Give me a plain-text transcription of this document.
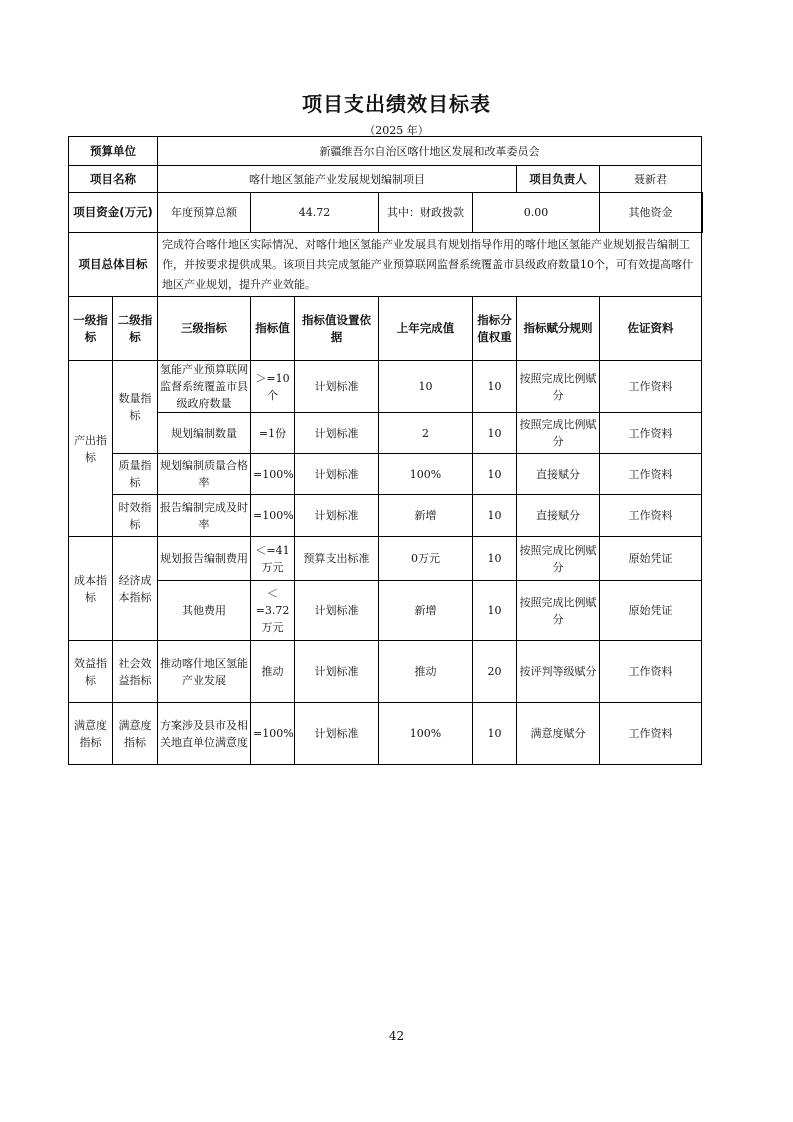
项目支出绩效目标表
（2025 年）
预算单位		新疆维吾尔自治区喀什地区发展和改革委员会							
项目名称		喀什地区氢能产业发展规划编制项目					项目负责人	聂新君	
项目资金(万元)		年度预算总额	44.72		其中：财政拨款	0.00		其他资金	
项目总体目标		完成符合喀什地区实际情况、对喀什地区氢能产业发展具有规划指导作用的喀什地区氢能产业规划报告编制工作，并按要求提供成果。该项目共完成氢能产业预算联网监督系统覆盖市县级政府数量10个，可有效提高喀什地区产业规划，提升产业效能。							
一级指标	二级指标	三级指标	指标值	指标值设置依据	上年完成值	指标分值权重	指标赋分规则	佐证资料	
产出指标	数量指标	氢能产业预算联网监督系统覆盖市县级政府数量	＞=10个	计划标准	10	10	按照完成比例赋分	工作资料	
		规划编制数量	=1份	计划标准	2	10	按照完成比例赋分	工作资料	
	质量指标	规划编制质量合格率	=100%	计划标准	100%	10	直接赋分	工作资料	
	时效指标	报告编制完成及时率	=100%	计划标准	新增	10	直接赋分	工作资料	
成本指标	经济成本指标	规划报告编制费用	＜=41万元	预算支出标准	0万元	10	按照完成比例赋分	原始凭证	
		其他费用	＜=3.72万元	计划标准	新增	10	按照完成比例赋分	原始凭证	
效益指标	社会效益指标	推动喀什地区氢能产业发展	推动	计划标准	推动	20	按评判等级赋分	工作资料	
满意度指标	满意度指标	方案涉及县市及相关地直单位满意度	=100%	计划标准	100%	10	满意度赋分	工作资料	
42
